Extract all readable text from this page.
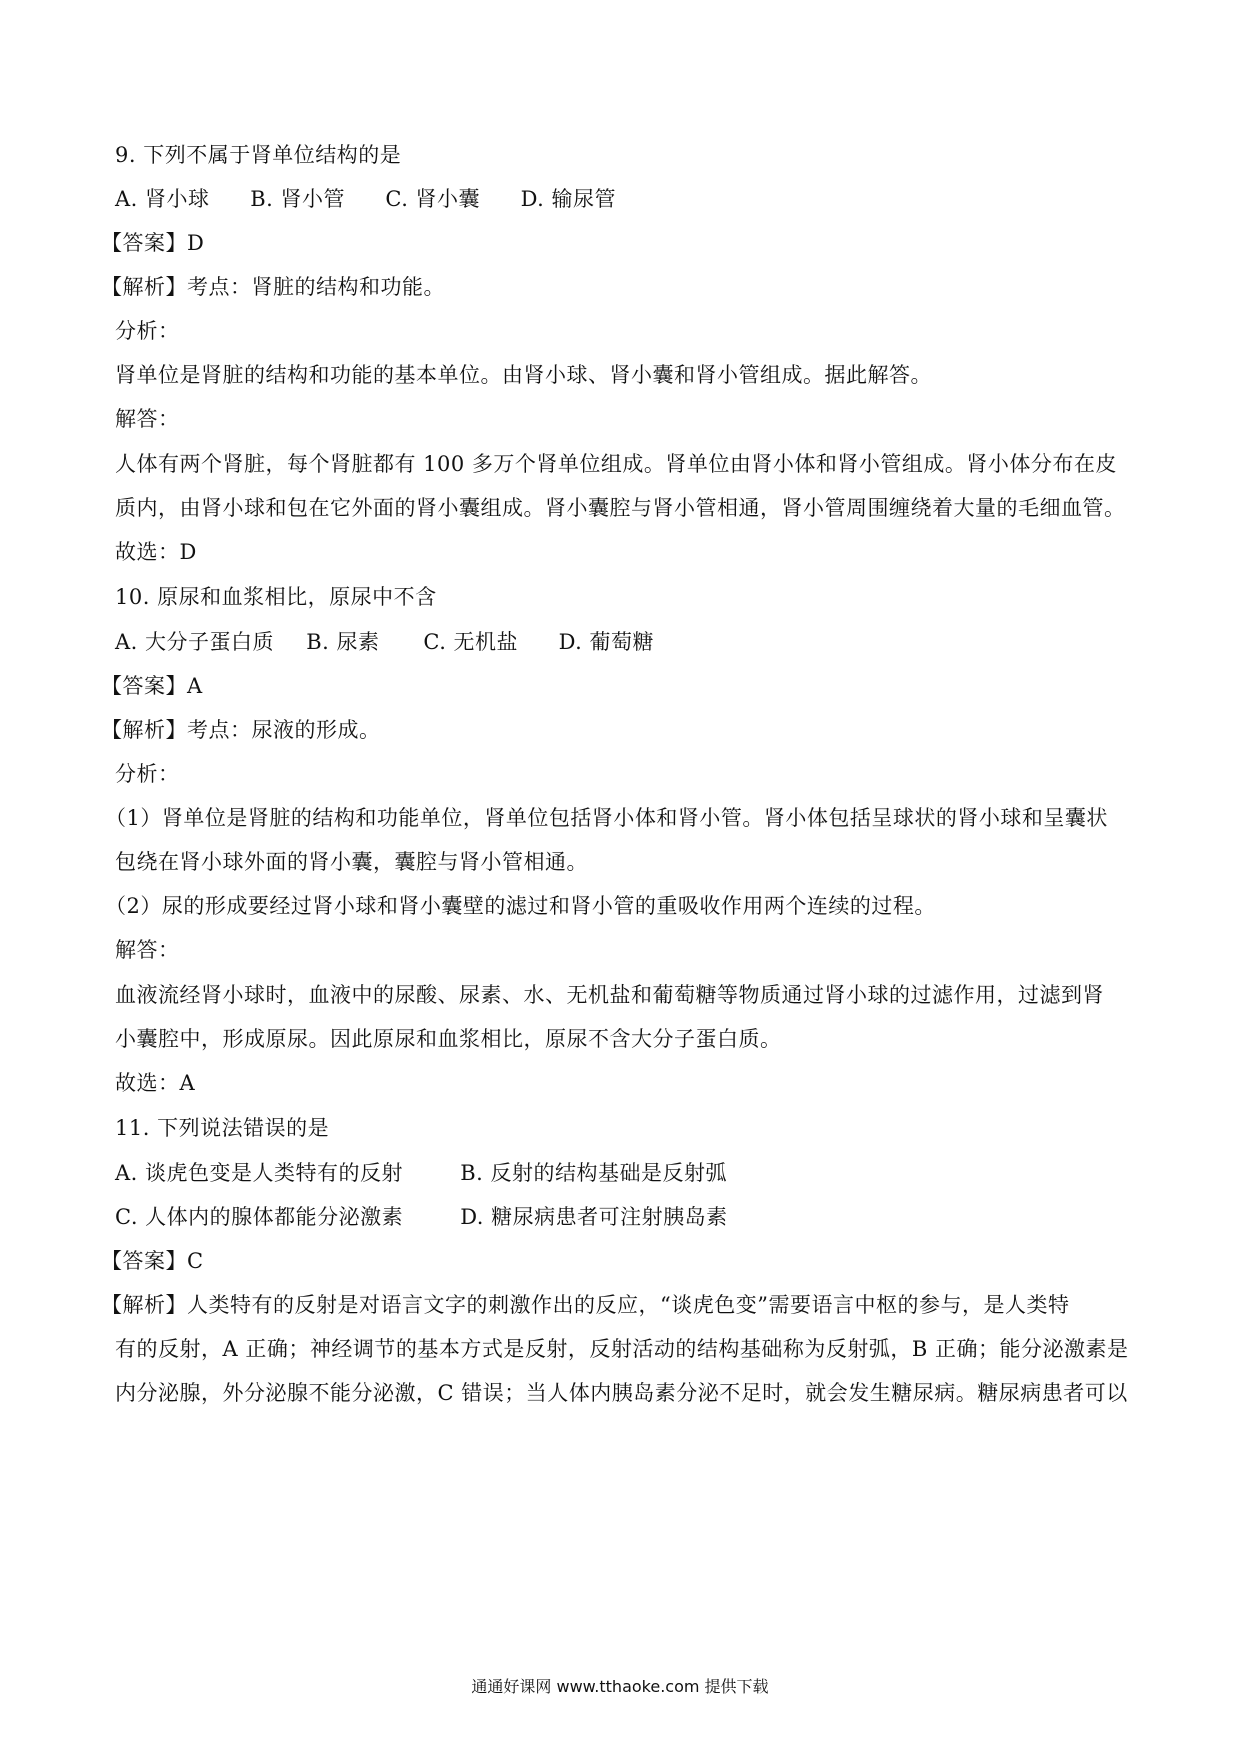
9. 下列不属于肾单位结构的是
A. 肾小球 B. 肾小管 C. 肾小囊 D. 输尿管
【答案】D
【解析】考点：肾脏的结构和功能。
分析：
肾单位是肾脏的结构和功能的基本单位。由肾小球、肾小囊和肾小管组成。据此解答。
解答：
人体有两个肾脏，每个肾脏都有 100 多万个肾单位组成。肾单位由肾小体和肾小管组成。肾小体分布在皮
质内，由肾小球和包在它外面的肾小囊组成。肾小囊腔与肾小管相通，肾小管周围缠绕着大量的毛细血管。
故选：D
10. 原尿和血浆相比，原尿中不含
A. 大分子蛋白质 B. 尿素 C. 无机盐 D. 葡萄糖
【答案】A
【解析】考点：尿液的形成。
分析：
（1）肾单位是肾脏的结构和功能单位，肾单位包括肾小体和肾小管。肾小体包括呈球状的肾小球和呈囊状
包绕在肾小球外面的肾小囊，囊腔与肾小管相通。
（2）尿的形成要经过肾小球和肾小囊壁的滤过和肾小管的重吸收作用两个连续的过程。
解答：
血液流经肾小球时，血液中的尿酸、尿素、水、无机盐和葡萄糖等物质通过肾小球的过滤作用，过滤到肾
小囊腔中，形成原尿。因此原尿和血浆相比，原尿不含大分子蛋白质。
故选：A
11. 下列说法错误的是
A. 谈虎色变是人类特有的反射	B. 反射的结构基础是反射弧
C. 人体内的腺体都能分泌激素	D. 糖尿病患者可注射胰岛素
【答案】C
【解析】人类特有的反射是对语言文字的刺激作出的反应，“谈虎色变”需要语言中枢的参与，是人类特
有的反射，A 正确；神经调节的基本方式是反射，反射活动的结构基础称为反射弧，B 正确；能分泌激素是
内分泌腺，外分泌腺不能分泌激，C 错误；当人体内胰岛素分泌不足时，就会发生糖尿病。糖尿病患者可以
通通好课网 www.tthaoke.com 提供下载
